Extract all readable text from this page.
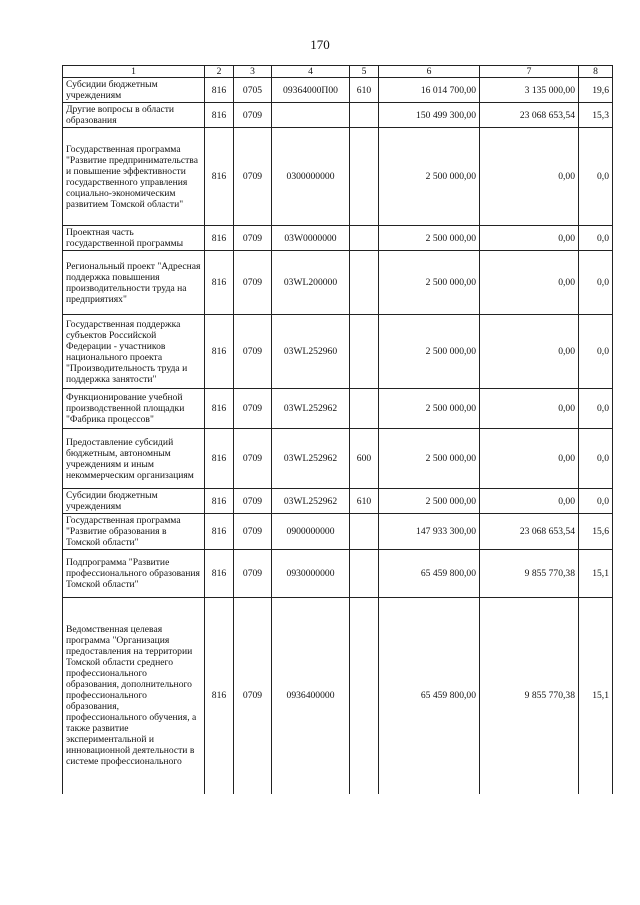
170
1	2	3	4	5	6	7	8
Субсидии бюджетным учреждениям	816	0705	09364000П00	610	16 014 700,00	3 135 000,00	19,6
Другие вопросы в области образования	816	0709			150 499 300,00	23 068 653,54	15,3
Государственная программа "Развитие предпринимательства и повышение эффективности государственного управления социально-экономическим развитием Томской области"	816	0709	0300000000		2 500 000,00	0,00	0,0
Проектная часть государственной программы	816	0709	03W0000000		2 500 000,00	0,00	0,0
Региональный проект "Адресная поддержка повышения производительности труда на предприятиях"	816	0709	03WL200000		2 500 000,00	0,00	0,0
Государственная поддержка субъектов Российской Федерации - участников национального проекта "Производительность труда и поддержка занятости"	816	0709	03WL252960		2 500 000,00	0,00	0,0
Функционирование учебной производственной площадки "Фабрика процессов"	816	0709	03WL252962		2 500 000,00	0,00	0,0
Предоставление субсидий бюджетным, автономным учреждениям и иным некоммерческим организациям	816	0709	03WL252962	600	2 500 000,00	0,00	0,0
Субсидии бюджетным учреждениям	816	0709	03WL252962	610	2 500 000,00	0,00	0,0
Государственная программа "Развитие образования в Томской области"	816	0709	0900000000		147 933 300,00	23 068 653,54	15,6
Подпрограмма "Развитие профессионального образования Томской области"	816	0709	0930000000		65 459 800,00	9 855 770,38	15,1
Ведомственная целевая программа "Организация предоставления на территории Томской области среднего профессионального образования, дополнительного профессионального образования, профессионального обучения, а также развитие экспериментальной и инновационной деятельности в системе профессионального	816	0709	0936400000		65 459 800,00	9 855 770,38	15,1
